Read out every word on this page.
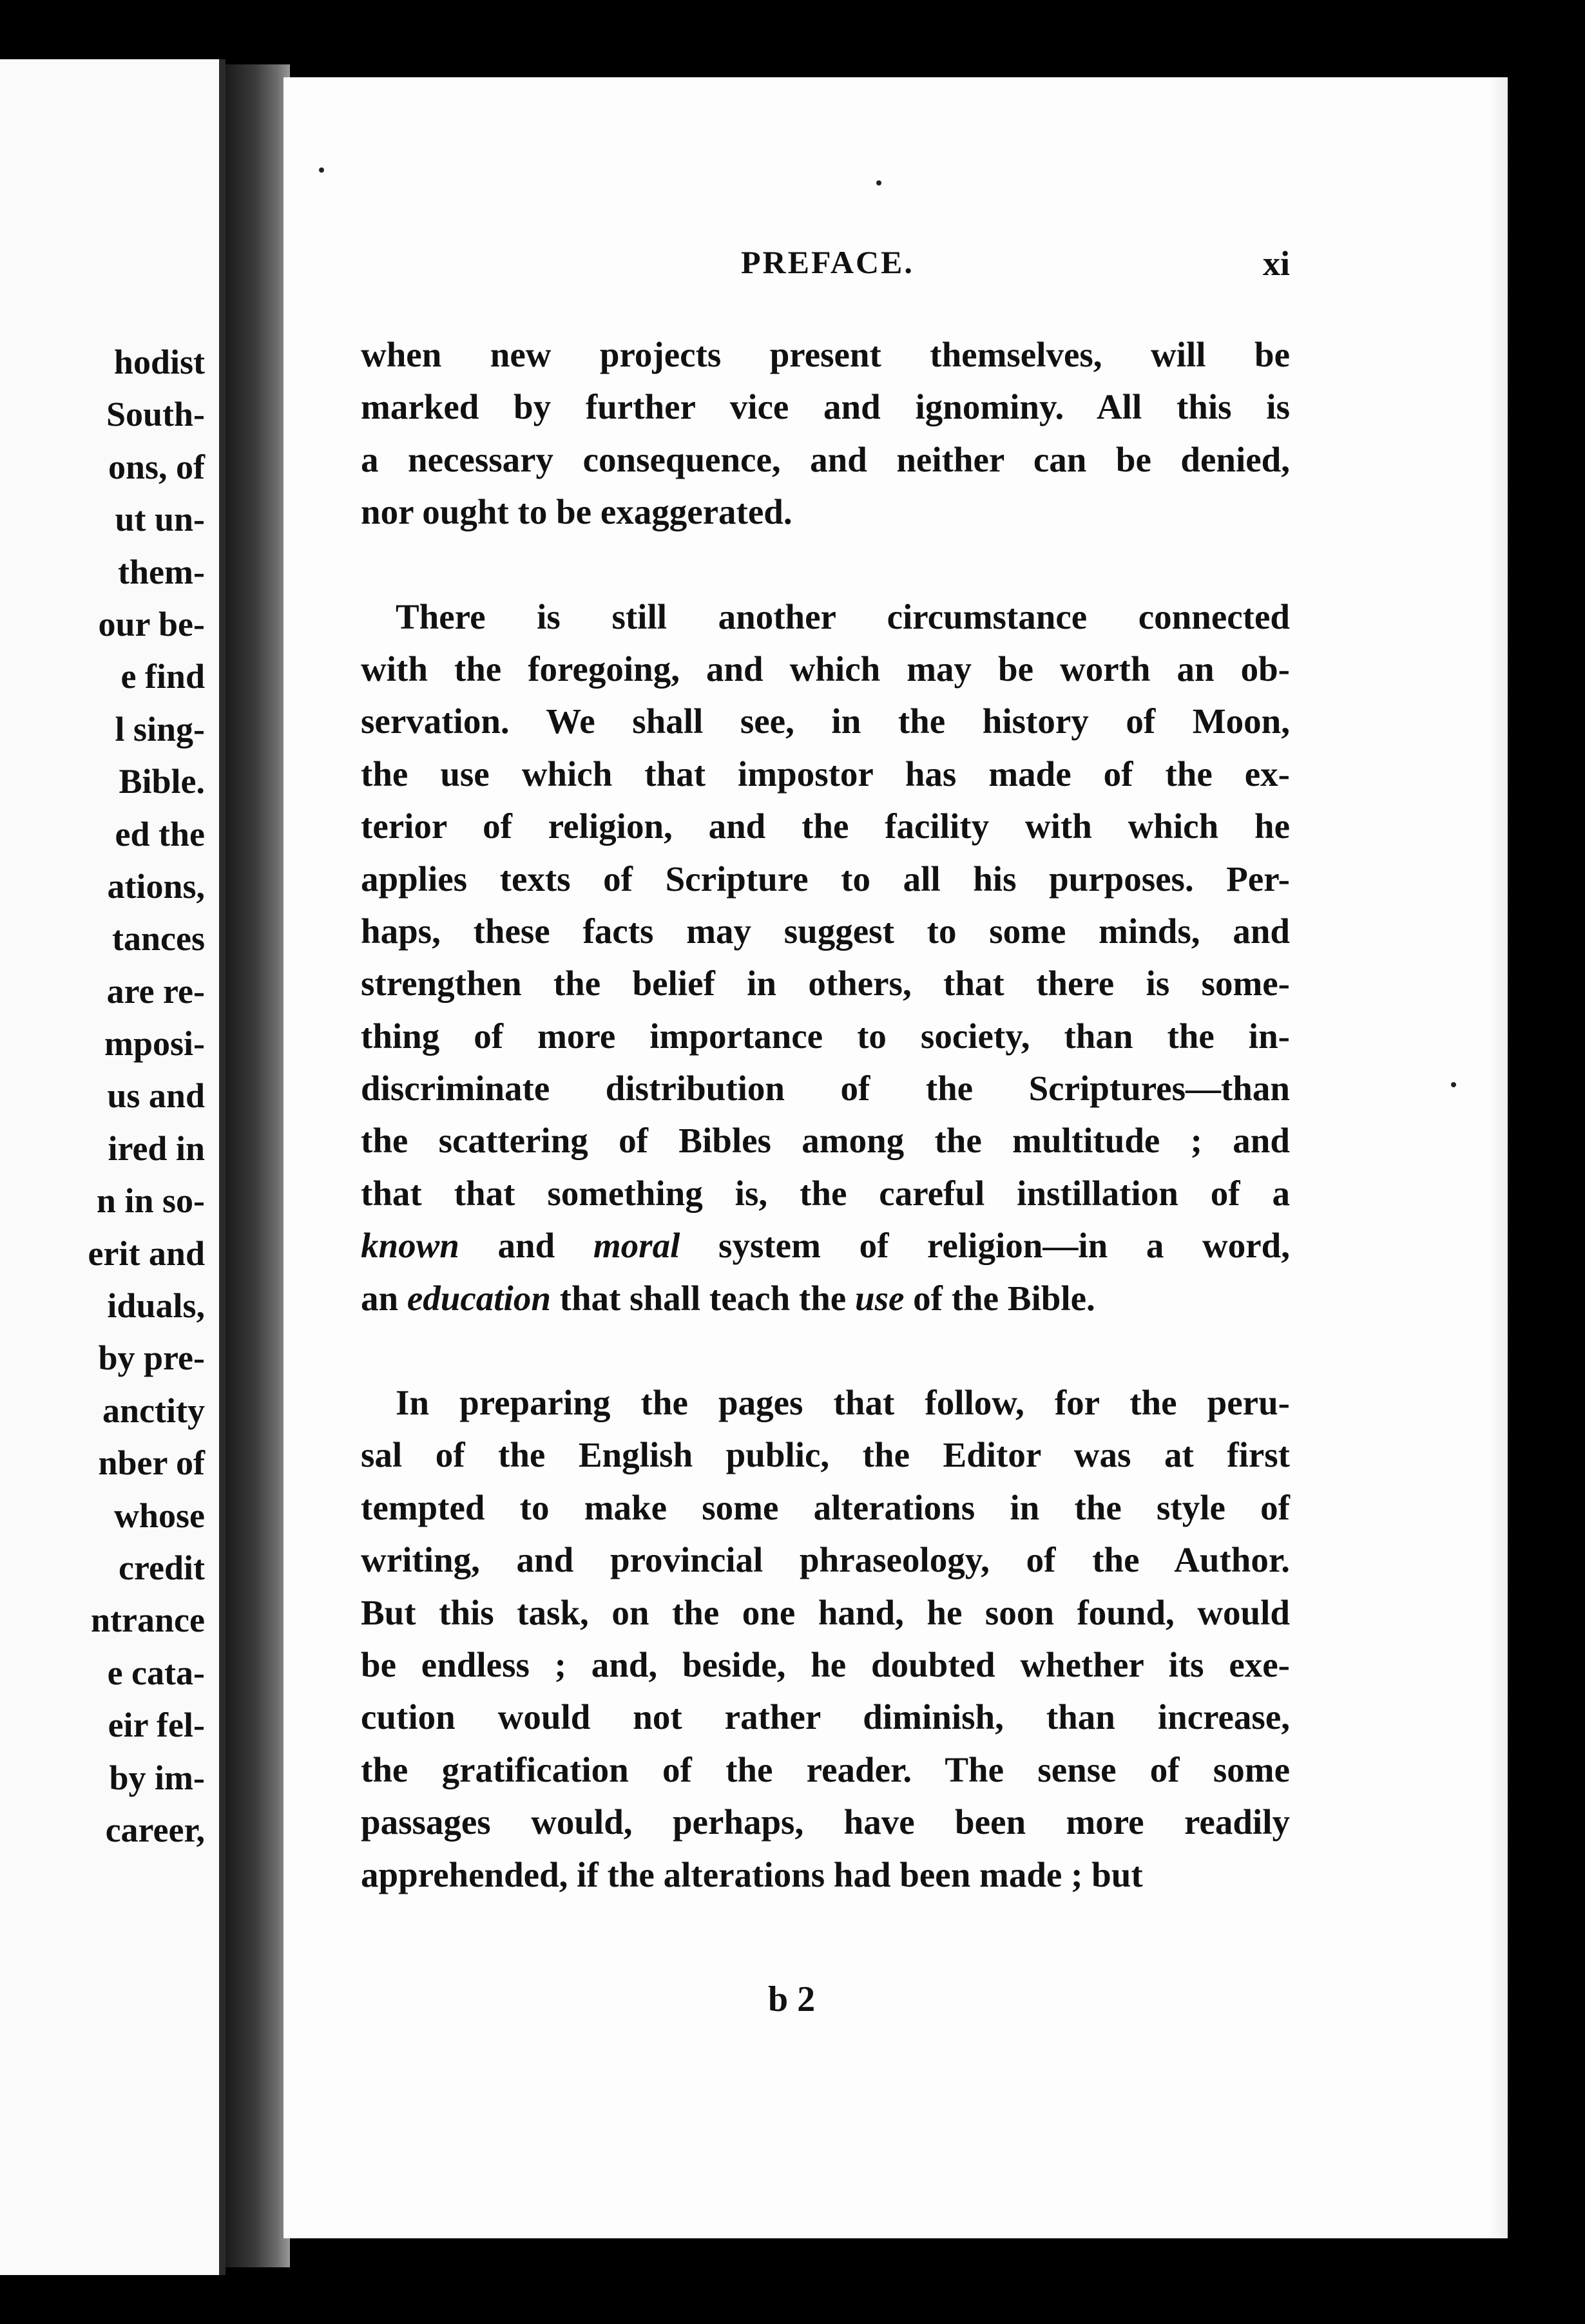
hodist
South-
ons, of
ut un-
them-
our be-
e find
l sing-
Bible.
ed the
ations,
tances
are re-
mposi-
us and
ired in
n in so-
erit and
iduals,
by pre-
anctity
nber of
whose
credit
ntrance
e cata-
eir fel-
by im-
career,
PREFACE.	xi
when new projects present themselves, will be
marked by further vice and ignominy. All this is
a necessary consequence, and neither can be denied,
nor ought to be exaggerated.
There is still another circumstance connected
with the foregoing, and which may be worth an ob-
servation. We shall see, in the history of Moon,
the use which that impostor has made of the ex-
terior of religion, and the facility with which he
applies texts of Scripture to all his purposes. Per-
haps, these facts may suggest to some minds, and
strengthen the belief in others, that there is some-
thing of more importance to society, than the in-
discriminate distribution of the Scriptures—than
the scattering of Bibles among the multitude ; and
that that something is, the careful instillation of a
known and moral system of religion—in a word,
an education that shall teach the use of the Bible.
In preparing the pages that follow, for the peru-
sal of the English public, the Editor was at first
tempted to make some alterations in the style of
writing, and provincial phraseology, of the Author.
But this task, on the one hand, he soon found, would
be endless ; and, beside, he doubted whether its exe-
cution would not rather diminish, than increase,
the gratification of the reader. The sense of some
passages would, perhaps, have been more readily
apprehended, if the alterations had been made ; but
b 2
